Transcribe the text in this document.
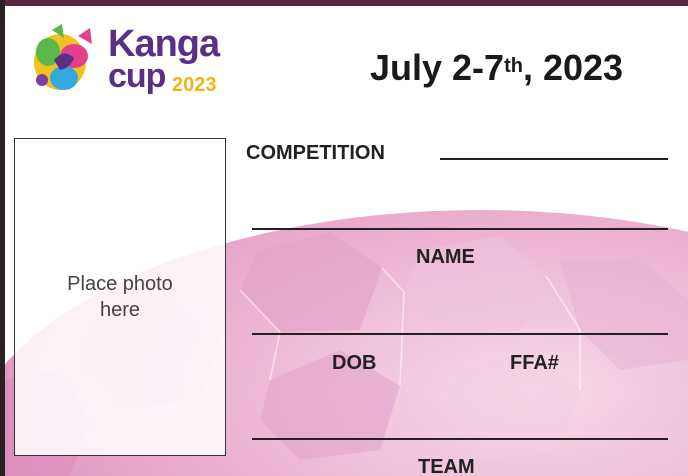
Kanga
cup 2023	July 2-7th, 2023
Place photo
here
COMPETITION
NAME
DOB	FFA#
TEAM
